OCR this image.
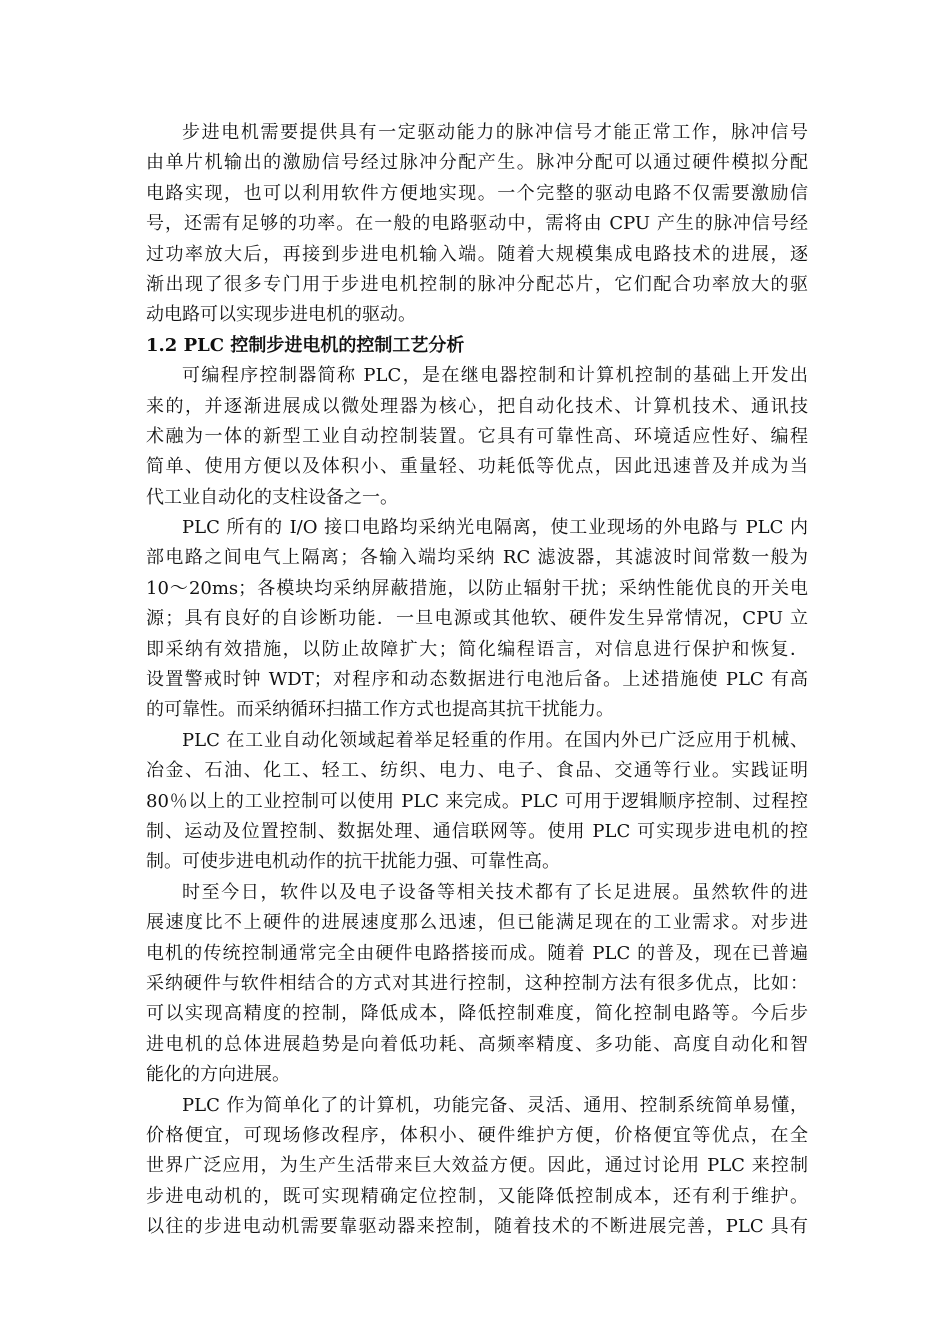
步进电机需要提供具有一定驱动能力的脉冲信号才能正常工作，脉冲信号
由单片机输出的激励信号经过脉冲分配产生。脉冲分配可以通过硬件模拟分配
电路实现，也可以利用软件方便地实现。一个完整的驱动电路不仅需要激励信
号，还需有足够的功率。在一般的电路驱动中，需将由 CPU 产生的脉冲信号经
过功率放大后，再接到步进电机输入端。随着大规模集成电路技术的进展，逐
渐出现了很多专门用于步进电机控制的脉冲分配芯片，它们配合功率放大的驱
动电路可以实现步进电机的驱动。
1.2 PLC 控制步进电机的控制工艺分析
可编程序控制器简称 PLC，是在继电器控制和计算机控制的基础上开发出
来的，并逐渐进展成以微处理器为核心，把自动化技术、计算机技术、通讯技
术融为一体的新型工业自动控制装置。它具有可靠性高、环境适应性好、编程
简单、使用方便以及体积小、重量轻、功耗低等优点，因此迅速普及并成为当
代工业自动化的支柱设备之一。
PLC 所有的 I/O 接口电路均采纳光电隔离，使工业现场的外电路与 PLC 内
部电路之间电气上隔离；各输入端均采纳 RC 滤波器，其滤波时间常数一般为
10～20ms；各模块均采纳屏蔽措施，以防止辐射干扰；采纳性能优良的开关电
源；具有良好的自诊断功能．一旦电源或其他软、硬件发生异常情况，CPU 立
即采纳有效措施，以防止故障扩大；简化编程语言，对信息进行保护和恢复．
设置警戒时钟 WDT；对程序和动态数据进行电池后备。上述措施使 PLC 有高
的可靠性。而采纳循环扫描工作方式也提高其抗干扰能力。
PLC 在工业自动化领域起着举足轻重的作用。在国内外已广泛应用于机械、
冶金、石油、化工、轻工、纺织、电力、电子、食品、交通等行业。实践证明
80％以上的工业控制可以使用 PLC 来完成。PLC 可用于逻辑顺序控制、过程控
制、运动及位置控制、数据处理、通信联网等。使用 PLC 可实现步进电机的控
制。可使步进电机动作的抗干扰能力强、可靠性高。
时至今日，软件以及电子设备等相关技术都有了长足进展。虽然软件的进
展速度比不上硬件的进展速度那么迅速，但已能满足现在的工业需求。对步进
电机的传统控制通常完全由硬件电路搭接而成。随着 PLC 的普及，现在已普遍
采纳硬件与软件相结合的方式对其进行控制，这种控制方法有很多优点，比如：
可以实现高精度的控制，降低成本，降低控制难度，简化控制电路等。今后步
进电机的总体进展趋势是向着低功耗、高频率精度、多功能、高度自动化和智
能化的方向进展。
PLC 作为简单化了的计算机，功能完备、灵活、通用、控制系统简单易懂，
价格便宜，可现场修改程序，体积小、硬件维护方便，价格便宜等优点，在全
世界广泛应用，为生产生活带来巨大效益方便。因此，通过讨论用 PLC 来控制
步进电动机的，既可实现精确定位控制，又能降低控制成本，还有利于维护。
以往的步进电动机需要靠驱动器来控制，随着技术的不断进展完善，PLC 具有
